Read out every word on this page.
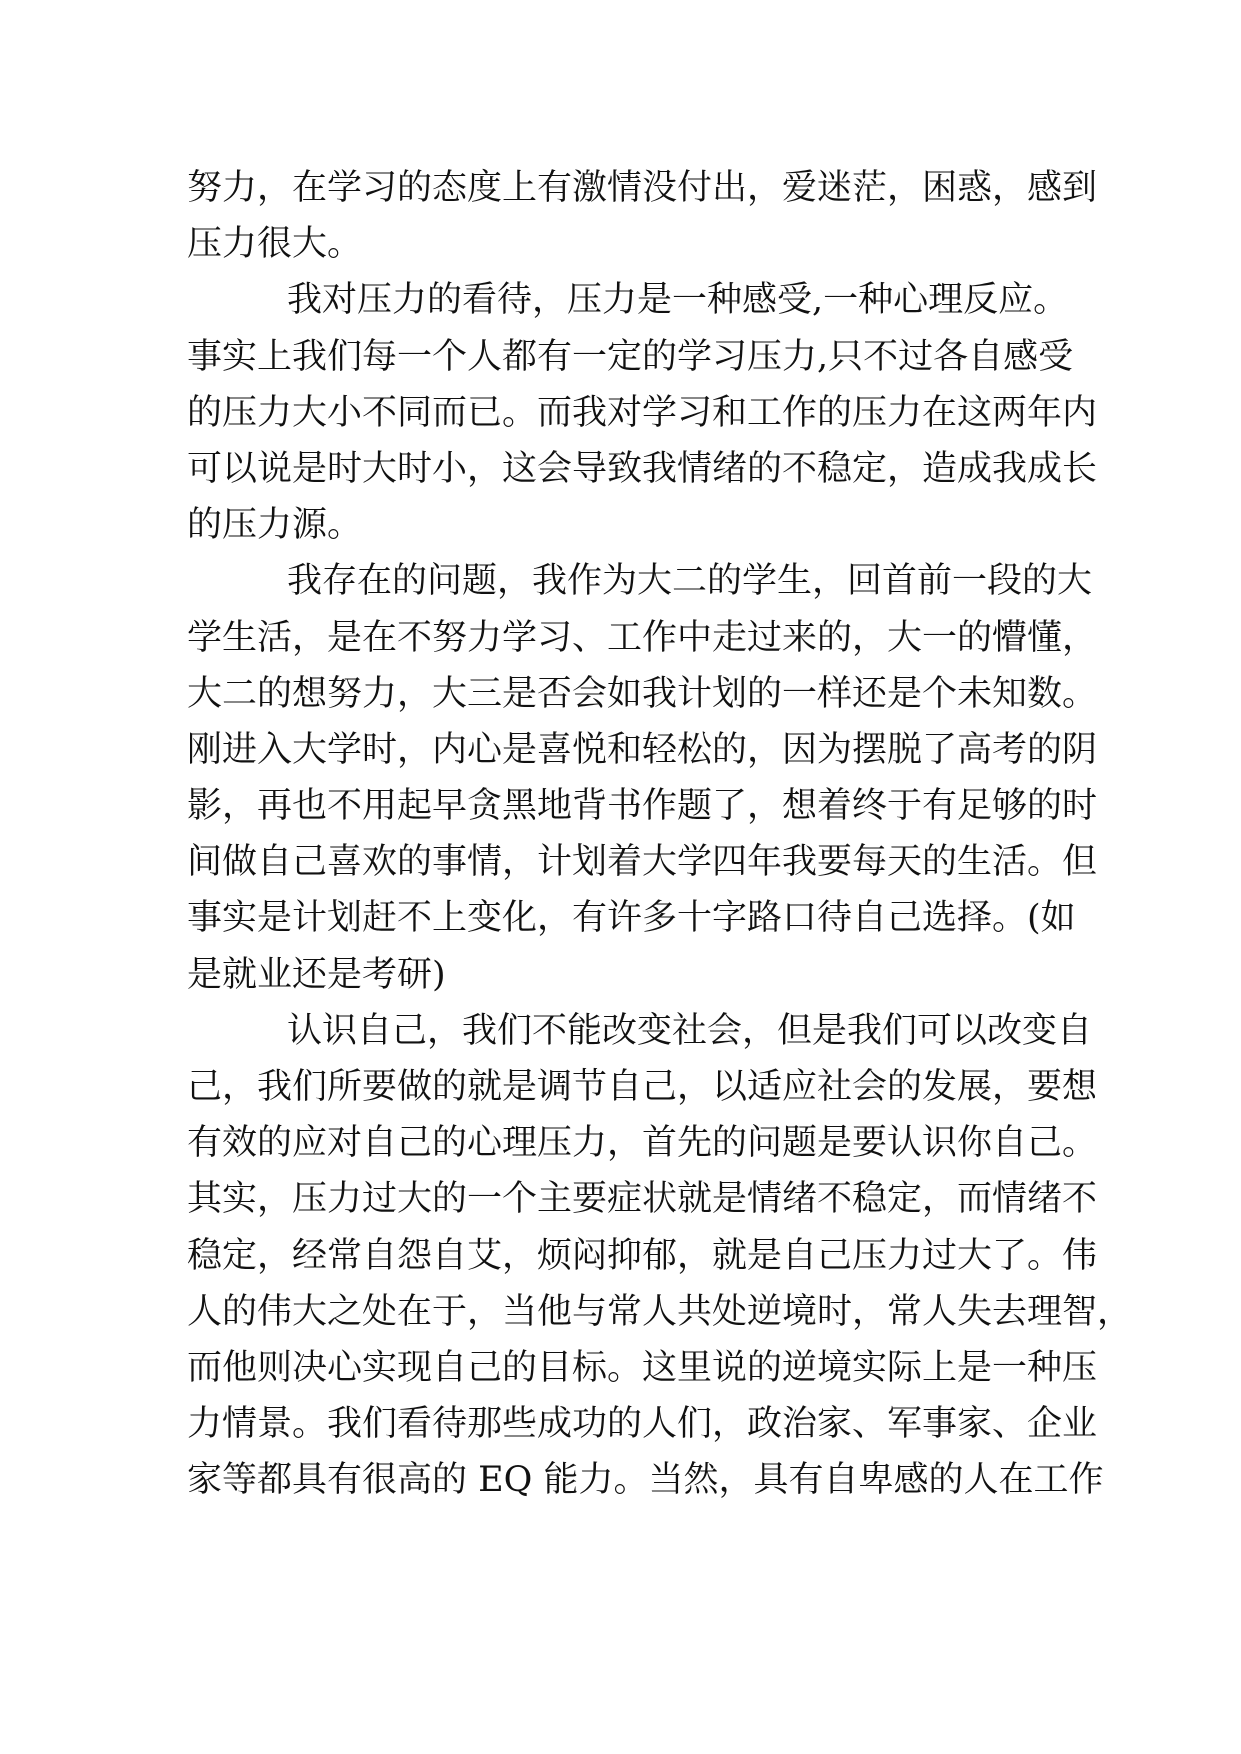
努力，在学习的态度上有激情没付出，爱迷茫，困惑，感到
压力很大。
我对压力的看待，压力是一种感受,一种心理反应。
事实上我们每一个人都有一定的学习压力,只不过各自感受
的压力大小不同而已。而我对学习和工作的压力在这两年内
可以说是时大时小，这会导致我情绪的不稳定，造成我成长
的压力源。
我存在的问题，我作为大二的学生，回首前一段的大
学生活，是在不努力学习、工作中走过来的，大一的懵懂，
大二的想努力，大三是否会如我计划的一样还是个未知数。
刚进入大学时，内心是喜悦和轻松的，因为摆脱了高考的阴
影，再也不用起早贪黑地背书作题了，想着终于有足够的时
间做自己喜欢的事情，计划着大学四年我要每天的生活。但
事实是计划赶不上变化，有许多十字路口待自己选择。(如
是就业还是考研)
认识自己，我们不能改变社会，但是我们可以改变自
己，我们所要做的就是调节自己，以适应社会的发展，要想
有效的应对自己的心理压力，首先的问题是要认识你自己。
其实，压力过大的一个主要症状就是情绪不稳定，而情绪不
稳定，经常自怨自艾，烦闷抑郁，就是自己压力过大了。伟
人的伟大之处在于，当他与常人共处逆境时，常人失去理智，
而他则决心实现自己的目标。这里说的逆境实际上是一种压
力情景。我们看待那些成功的人们，政治家、军事家、企业
家等都具有很高的 EQ 能力。当然，具有自卑感的人在工作
